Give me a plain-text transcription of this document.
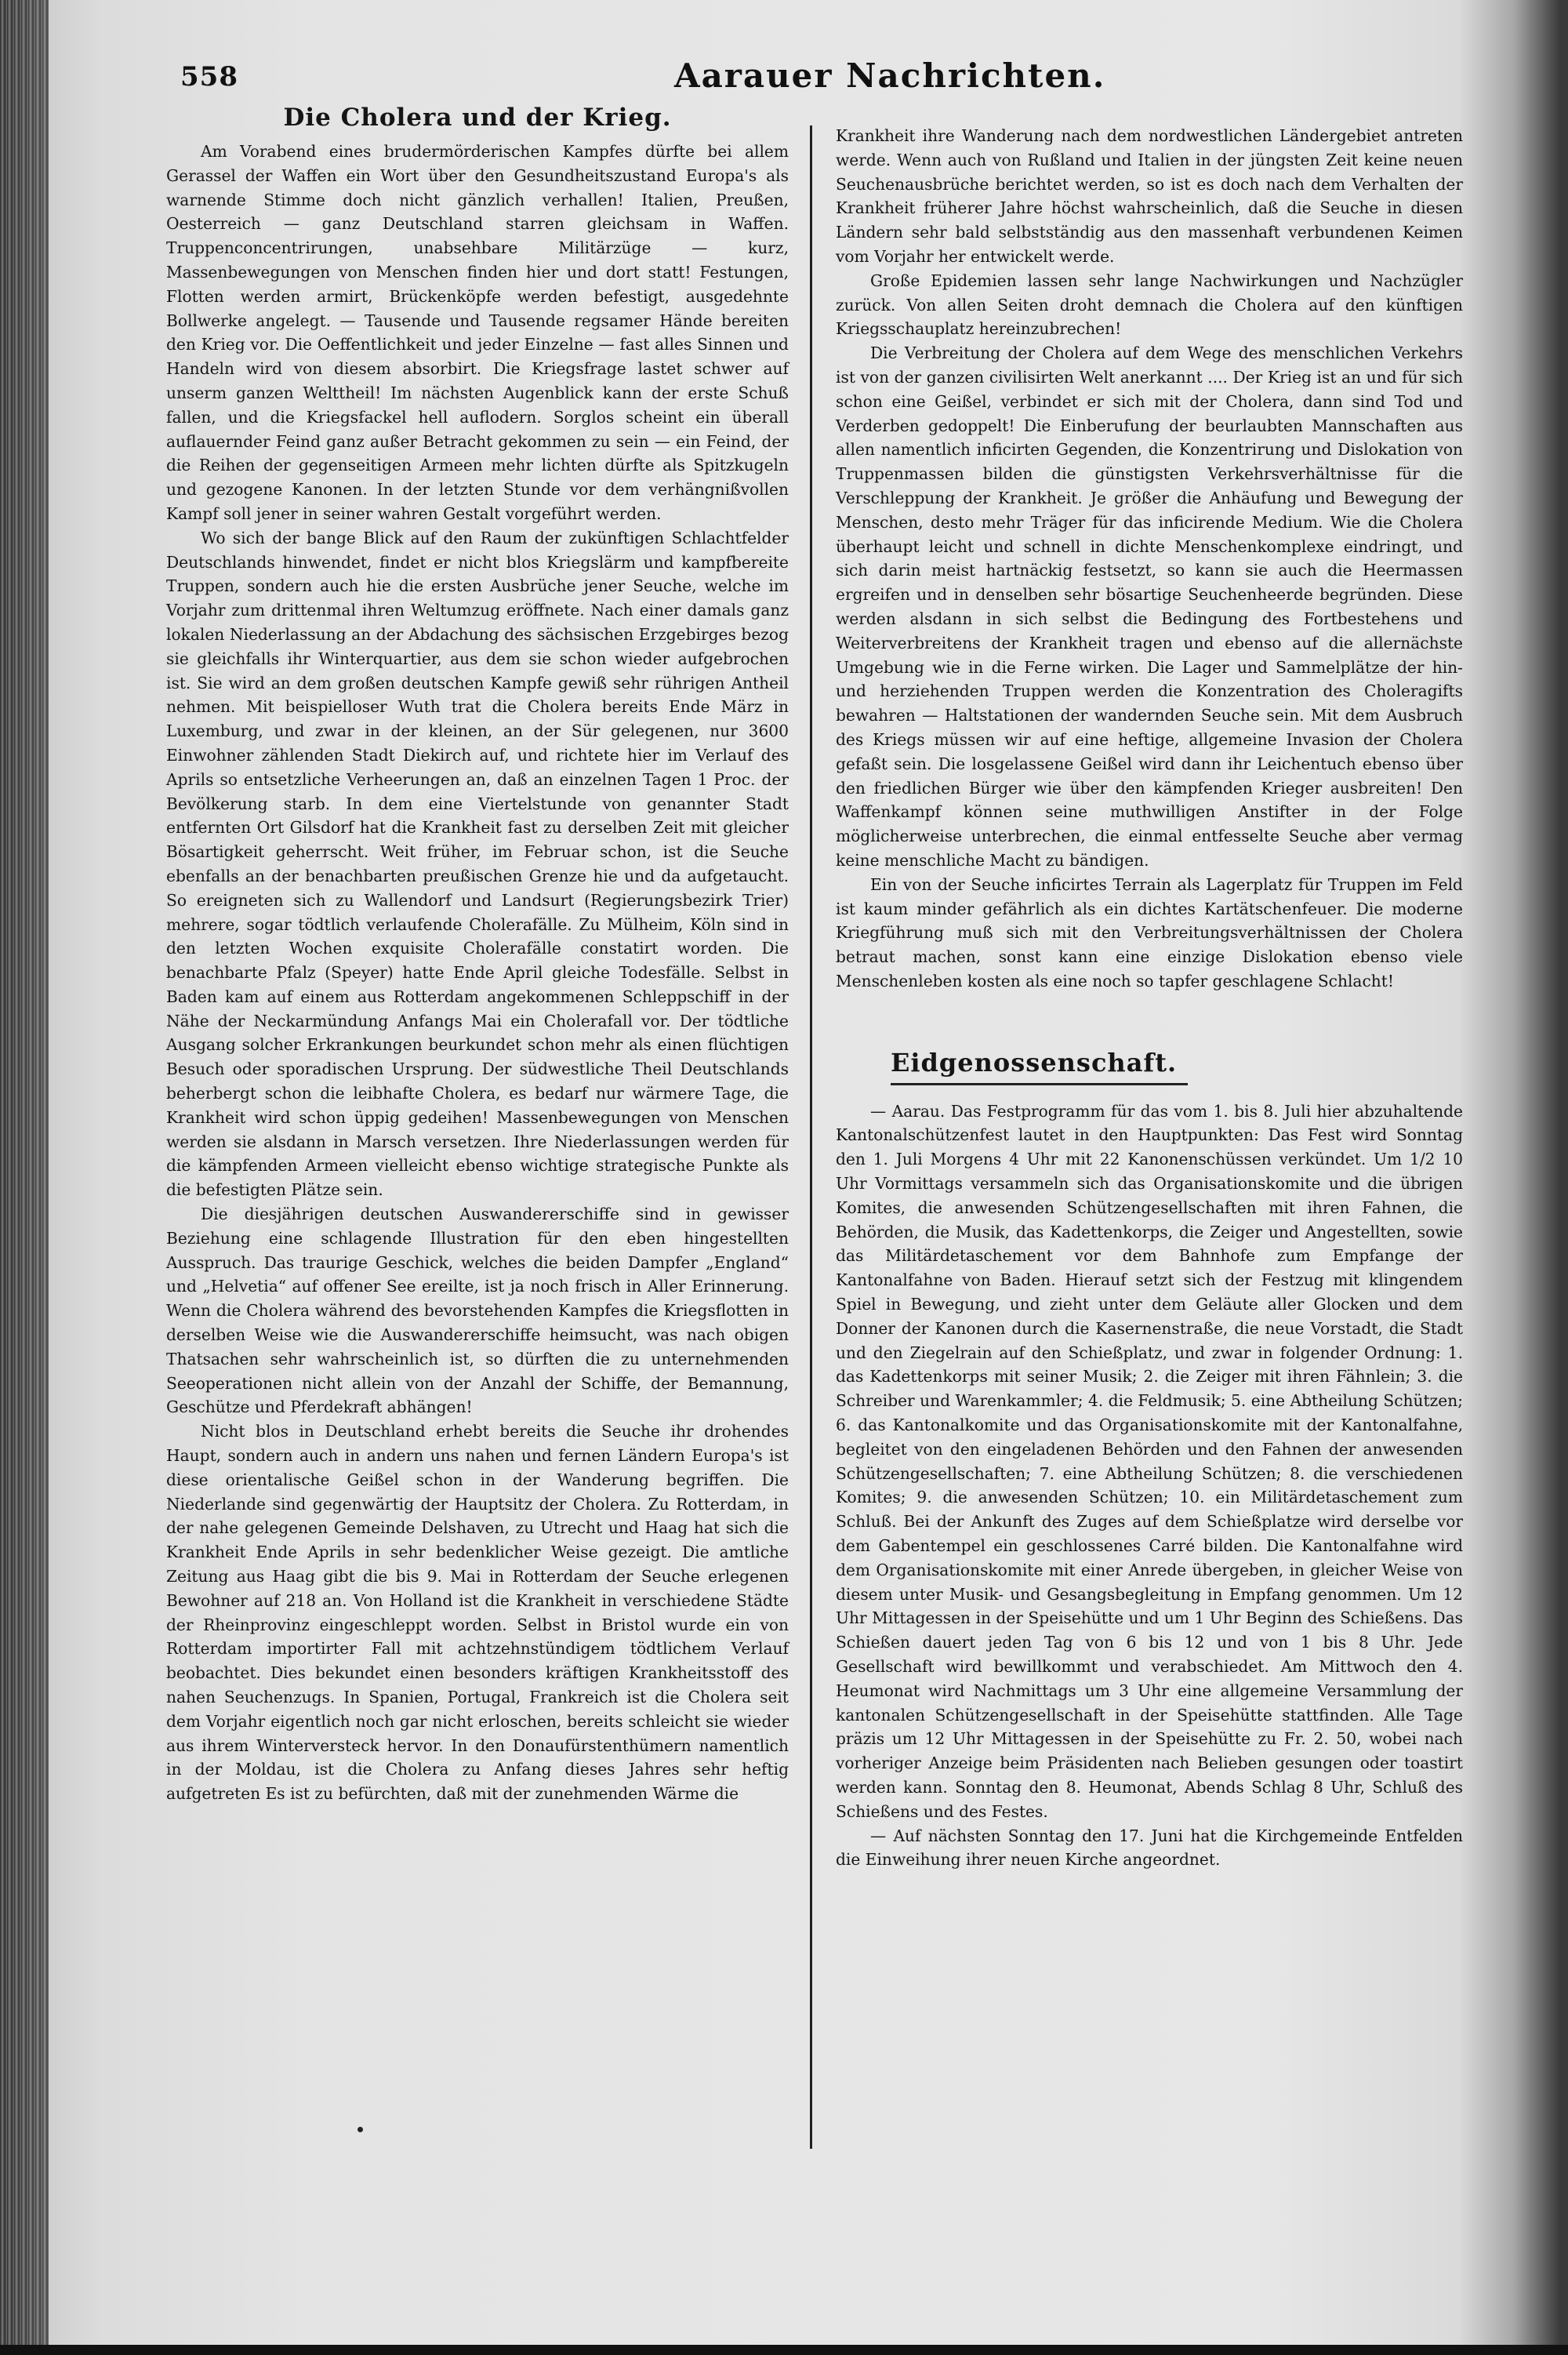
558	Aarauer Nachrichten.
Die Cholera und der Krieg.

Am Vorabend eines brudermörderischen Kampfes dürfte bei allem Gerassel der Waffen ein Wort über den Gesundheitszustand Europa's als warnende Stimme doch nicht gänzlich verhallen! Italien, Preußen, Oesterreich — ganz Deutschland starren gleichsam in Waffen. Truppenconcentrirungen, unabsehbare Militärzüge — kurz, Massenbewegungen von Menschen finden hier und dort statt! Festungen, Flotten werden armirt, Brückenköpfe werden befestigt, ausgedehnte Bollwerke angelegt. — Tausende und Tausende regsamer Hände bereiten den Krieg vor. Die Oeffentlichkeit und jeder Einzelne — fast alles Sinnen und Handeln wird von diesem absorbirt. Die Kriegsfrage lastet schwer auf unserm ganzen Welttheil! Im nächsten Augenblick kann der erste Schuß fallen, und die Kriegsfackel hell auflodern. Sorglos scheint ein überall auflauernder Feind ganz außer Betracht gekommen zu sein — ein Feind, der die Reihen der gegenseitigen Armeen mehr lichten dürfte als Spitzkugeln und gezogene Kanonen. In der letzten Stunde vor dem verhängnißvollen Kampf soll jener in seiner wahren Gestalt vorgeführt werden.

Wo sich der bange Blick auf den Raum der zukünftigen Schlachtfelder Deutschlands hinwendet, findet er nicht blos Kriegslärm und kampfbereite Truppen, sondern auch hie die ersten Ausbrüche jener Seuche, welche im Vorjahr zum drittenmal ihren Weltumzug eröffnete. Nach einer damals ganz lokalen Niederlassung an der Abdachung des sächsischen Erzgebirges bezog sie gleichfalls ihr Winterquartier, aus dem sie schon wieder aufgebrochen ist. Sie wird an dem großen deutschen Kampfe gewiß sehr rührigen Antheil nehmen. Mit beispielloser Wuth trat die Cholera bereits Ende März in Luxemburg, und zwar in der kleinen, an der Sür gelegenen, nur 3600 Einwohner zählenden Stadt Diekirch auf, und richtete hier im Verlauf des Aprils so entsetzliche Verheerungen an, daß an einzelnen Tagen 1 Proc. der Bevölkerung starb. In dem eine Viertelstunde von genannter Stadt entfernten Ort Gilsdorf hat die Krankheit fast zu derselben Zeit mit gleicher Bösartigkeit geherrscht. Weit früher, im Februar schon, ist die Seuche ebenfalls an der benachbarten preußischen Grenze hie und da aufgetaucht. So ereigneten sich zu Wallendorf und Landsurt (Regierungsbezirk Trier) mehrere, sogar tödtlich verlaufende Cholerafälle. Zu Mülheim, Köln sind in den letzten Wochen exquisite Cholerafälle constatirt worden. Die benachbarte Pfalz (Speyer) hatte Ende April gleiche Todesfälle. Selbst in Baden kam auf einem aus Rotterdam angekommenen Schleppschiff in der Nähe der Neckarmündung Anfangs Mai ein Cholerafall vor. Der tödtliche Ausgang solcher Erkrankungen beurkundet schon mehr als einen flüchtigen Besuch oder sporadischen Ursprung. Der südwestliche Theil Deutschlands beherbergt schon die leibhafte Cholera, es bedarf nur wärmere Tage, die Krankheit wird schon üppig gedeihen! Massenbewegungen von Menschen werden sie alsdann in Marsch versetzen. Ihre Niederlassungen werden für die kämpfenden Armeen vielleicht ebenso wichtige strategische Punkte als die befestigten Plätze sein.

Die diesjährigen deutschen Auswandererschiffe sind in gewisser Beziehung eine schlagende Illustration für den eben hingestellten Ausspruch. Das traurige Geschick, welches die beiden Dampfer „England“ und „Helvetia“ auf offener See ereilte, ist ja noch frisch in Aller Erinnerung. Wenn die Cholera während des bevorstehenden Kampfes die Kriegsflotten in derselben Weise wie die Auswandererschiffe heimsucht, was nach obigen Thatsachen sehr wahrscheinlich ist, so dürften die zu unternehmenden Seeoperationen nicht allein von der Anzahl der Schiffe, der Bemannung, Geschütze und Pferdekraft abhängen!

Nicht blos in Deutschland erhebt bereits die Seuche ihr drohendes Haupt, sondern auch in andern uns nahen und fernen Ländern Europa's ist diese orientalische Geißel schon in der Wanderung begriffen. Die Niederlande sind gegenwärtig der Hauptsitz der Cholera. Zu Rotterdam, in der nahe gelegenen Gemeinde Delshaven, zu Utrecht und Haag hat sich die Krankheit Ende Aprils in sehr bedenklicher Weise gezeigt. Die amtliche Zeitung aus Haag gibt die bis 9. Mai in Rotterdam der Seuche erlegenen Bewohner auf 218 an. Von Holland ist die Krankheit in verschiedene Städte der Rheinprovinz eingeschleppt worden. Selbst in Bristol wurde ein von Rotterdam importirter Fall mit achtzehnstündigem tödtlichem Verlauf beobachtet. Dies bekundet einen besonders kräftigen Krankheitsstoff des nahen Seuchenzugs. In Spanien, Portugal, Frankreich ist die Cholera seit dem Vorjahr eigentlich noch gar nicht erloschen, bereits schleicht sie wieder aus ihrem Winterversteck hervor. In den Donaufürstenthümern namentlich in der Moldau, ist die Cholera zu Anfang dieses Jahres sehr heftig aufgetreten Es ist zu befürchten, daß mit der zunehmenden Wärme die

Krankheit ihre Wanderung nach dem nordwestlichen Ländergebiet antreten werde. Wenn auch von Rußland und Italien in der jüngsten Zeit keine neuen Seuchenausbrüche berichtet werden, so ist es doch nach dem Verhalten der Krankheit früherer Jahre höchst wahrscheinlich, daß die Seuche in diesen Ländern sehr bald selbstständig aus den massenhaft verbundenen Keimen vom Vorjahr her entwickelt werde.

Große Epidemien lassen sehr lange Nachwirkungen und Nachzügler zurück. Von allen Seiten droht demnach die Cholera auf den künftigen Kriegsschauplatz hereinzubrechen!

Die Verbreitung der Cholera auf dem Wege des menschlichen Verkehrs ist von der ganzen civilisirten Welt anerkannt .... Der Krieg ist an und für sich schon eine Geißel, verbindet er sich mit der Cholera, dann sind Tod und Verderben gedoppelt! Die Einberufung der beurlaubten Mannschaften aus allen namentlich inficirten Gegenden, die Konzentrirung und Dislokation von Truppenmassen bilden die günstigsten Verkehrsverhältnisse für die Verschleppung der Krankheit. Je größer die Anhäufung und Bewegung der Menschen, desto mehr Träger für das inficirende Medium. Wie die Cholera überhaupt leicht und schnell in dichte Menschenkomplexe eindringt, und sich darin meist hartnäckig festsetzt, so kann sie auch die Heermassen ergreifen und in denselben sehr bösartige Seuchenheerde begründen. Diese werden alsdann in sich selbst die Bedingung des Fortbestehens und Weiterverbreitens der Krankheit tragen und ebenso auf die allernächste Umgebung wie in die Ferne wirken. Die Lager und Sammelplätze der hin- und herziehenden Truppen werden die Konzentration des Choleragifts bewahren — Haltstationen der wandernden Seuche sein. Mit dem Ausbruch des Kriegs müssen wir auf eine heftige, allgemeine Invasion der Cholera gefaßt sein. Die losgelassene Geißel wird dann ihr Leichentuch ebenso über den friedlichen Bürger wie über den kämpfenden Krieger ausbreiten! Den Waffenkampf können seine muthwilligen Anstifter in der Folge möglicherweise unterbrechen, die einmal entfesselte Seuche aber vermag keine menschliche Macht zu bändigen.

Ein von der Seuche inficirtes Terrain als Lagerplatz für Truppen im Feld ist kaum minder gefährlich als ein dichtes Kartätschenfeuer. Die moderne Kriegführung muß sich mit den Verbreitungsverhältnissen der Cholera betraut machen, sonst kann eine einzige Dislokation ebenso viele Menschenleben kosten als eine noch so tapfer geschlagene Schlacht!

Eidgenossenschaft.

— Aarau. Das Festprogramm für das vom 1. bis 8. Juli hier abzuhaltende Kantonalschützenfest lautet in den Hauptpunkten: Das Fest wird Sonntag den 1. Juli Morgens 4 Uhr mit 22 Kanonenschüssen verkündet. Um 1/2 10 Uhr Vormittags versammeln sich das Organisationskomite und die übrigen Komites, die anwesenden Schützengesellschaften mit ihren Fahnen, die Behörden, die Musik, das Kadettenkorps, die Zeiger und Angestellten, sowie das Militärdetaschement vor dem Bahnhofe zum Empfange der Kantonalfahne von Baden. Hierauf setzt sich der Festzug mit klingendem Spiel in Bewegung, und zieht unter dem Geläute aller Glocken und dem Donner der Kanonen durch die Kasernenstraße, die neue Vorstadt, die Stadt und den Ziegelrain auf den Schießplatz, und zwar in folgender Ordnung: 1. das Kadettenkorps mit seiner Musik; 2. die Zeiger mit ihren Fähnlein; 3. die Schreiber und Warenkammler; 4. die Feldmusik; 5. eine Abtheilung Schützen; 6. das Kantonalkomite und das Organisationskomite mit der Kantonalfahne, begleitet von den eingeladenen Behörden und den Fahnen der anwesenden Schützengesellschaften; 7. eine Abtheilung Schützen; 8. die verschiedenen Komites; 9. die anwesenden Schützen; 10. ein Militärdetaschement zum Schluß. Bei der Ankunft des Zuges auf dem Schießplatze wird derselbe vor dem Gabentempel ein geschlossenes Carré bilden. Die Kantonalfahne wird dem Organisationskomite mit einer Anrede übergeben, in gleicher Weise von diesem unter Musik- und Gesangsbegleitung in Empfang genommen. Um 12 Uhr Mittagessen in der Speisehütte und um 1 Uhr Beginn des Schießens. Das Schießen dauert jeden Tag von 6 bis 12 und von 1 bis 8 Uhr. Jede Gesellschaft wird bewillkommt und verabschiedet. Am Mittwoch den 4. Heumonat wird Nachmittags um 3 Uhr eine allgemeine Versammlung der kantonalen Schützengesellschaft in der Speisehütte stattfinden. Alle Tage präzis um 12 Uhr Mittagessen in der Speisehütte zu Fr. 2. 50, wobei nach vorheriger Anzeige beim Präsidenten nach Belieben gesungen oder toastirt werden kann. Sonntag den 8. Heumonat, Abends Schlag 8 Uhr, Schluß des Schießens und des Festes.

— Auf nächsten Sonntag den 17. Juni hat die Kirchgemeinde Entfelden die Einweihung ihrer neuen Kirche angeordnet.
